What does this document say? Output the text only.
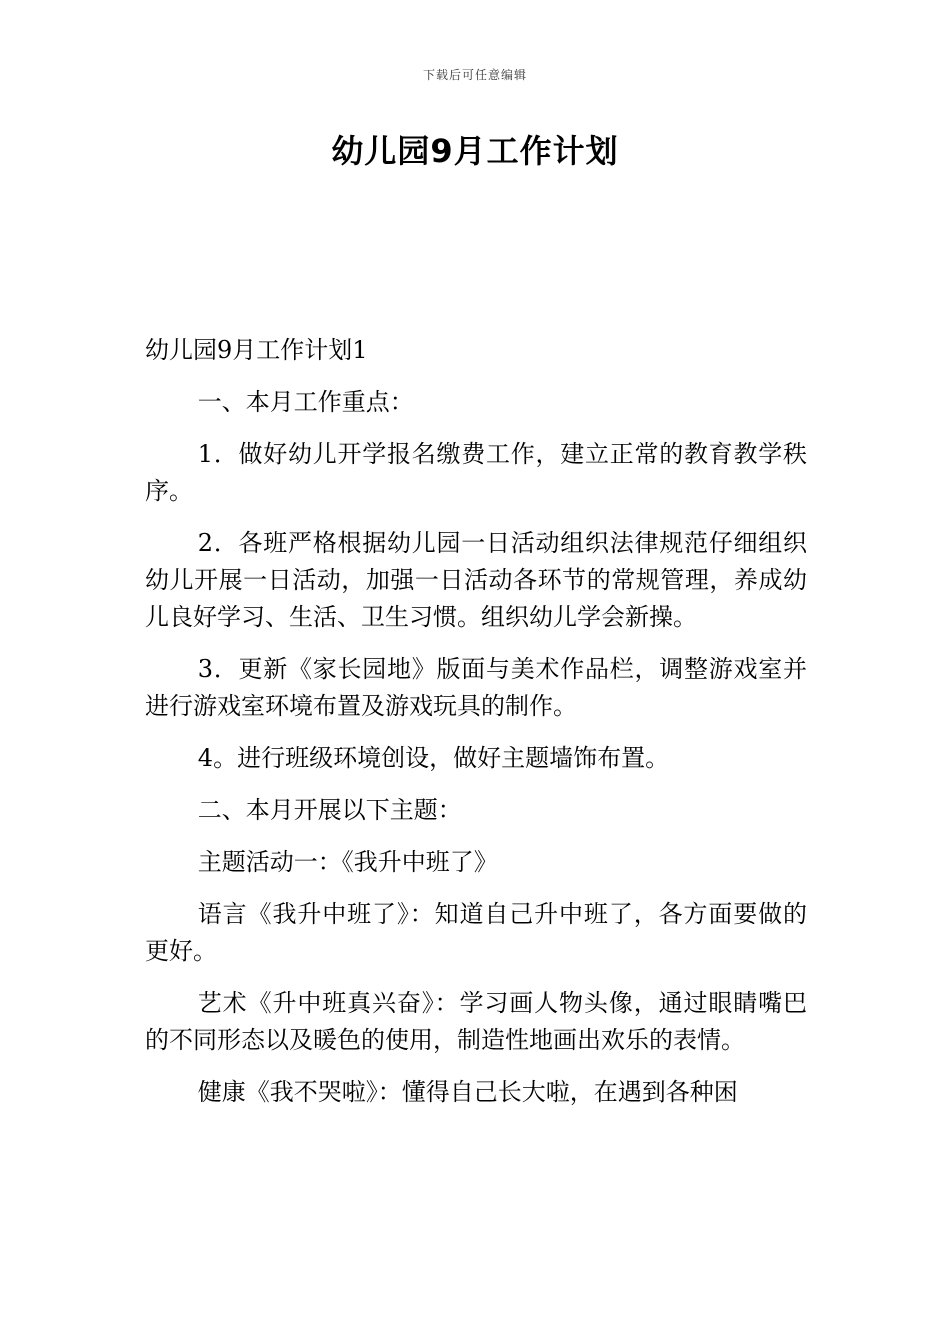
下载后可任意编辑
幼儿园9月工作计划

幼儿园9月工作计划1

一、本月工作重点：

1．做好幼儿开学报名缴费工作，建立正常的教育教学秩序。

2．各班严格根据幼儿园一日活动组织法律规范仔细组织幼儿开展一日活动，加强一日活动各环节的常规管理，养成幼儿良好学习、生活、卫生习惯。组织幼儿学会新操。

3．更新《家长园地》版面与美术作品栏，调整游戏室并进行游戏室环境布置及游戏玩具的制作。

4。进行班级环境创设，做好主题墙饰布置。

二、本月开展以下主题：

主题活动一：《我升中班了》

语言《我升中班了》：知道自己升中班了，各方面要做的更好。

艺术《升中班真兴奋》：学习画人物头像，通过眼睛嘴巴的不同形态以及暖色的使用，制造性地画出欢乐的表情。

健康《我不哭啦》：懂得自己长大啦，在遇到各种困
